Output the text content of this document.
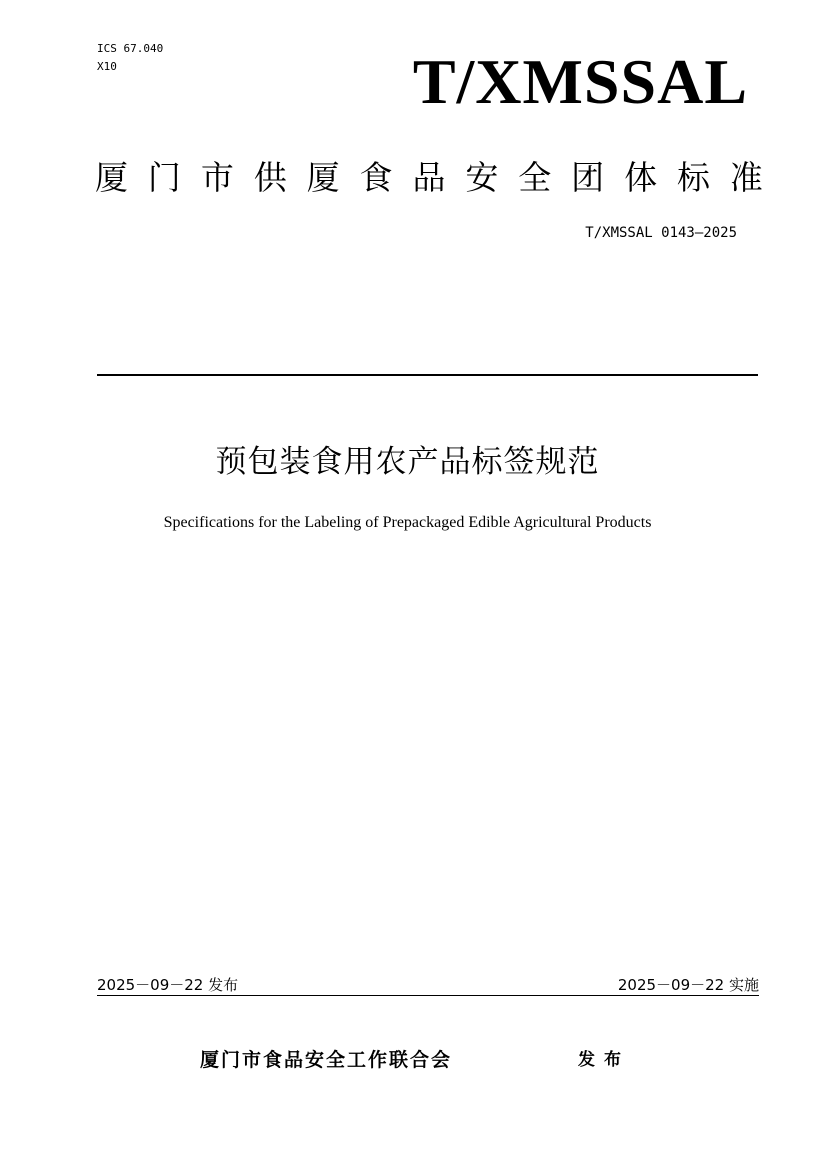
ICS 67.040
X10	T/XMSSAL
厦 门 市 供 厦 食 品 安 全 团 体 标 准
T/XMSSAL 0143—2025
预包装食用农产品标签规范
Specifications for the Labeling of Prepackaged Edible Agricultural Products
2025－09－22 发布	2025－09－22 实施
厦门市食品安全工作联合会	发布
